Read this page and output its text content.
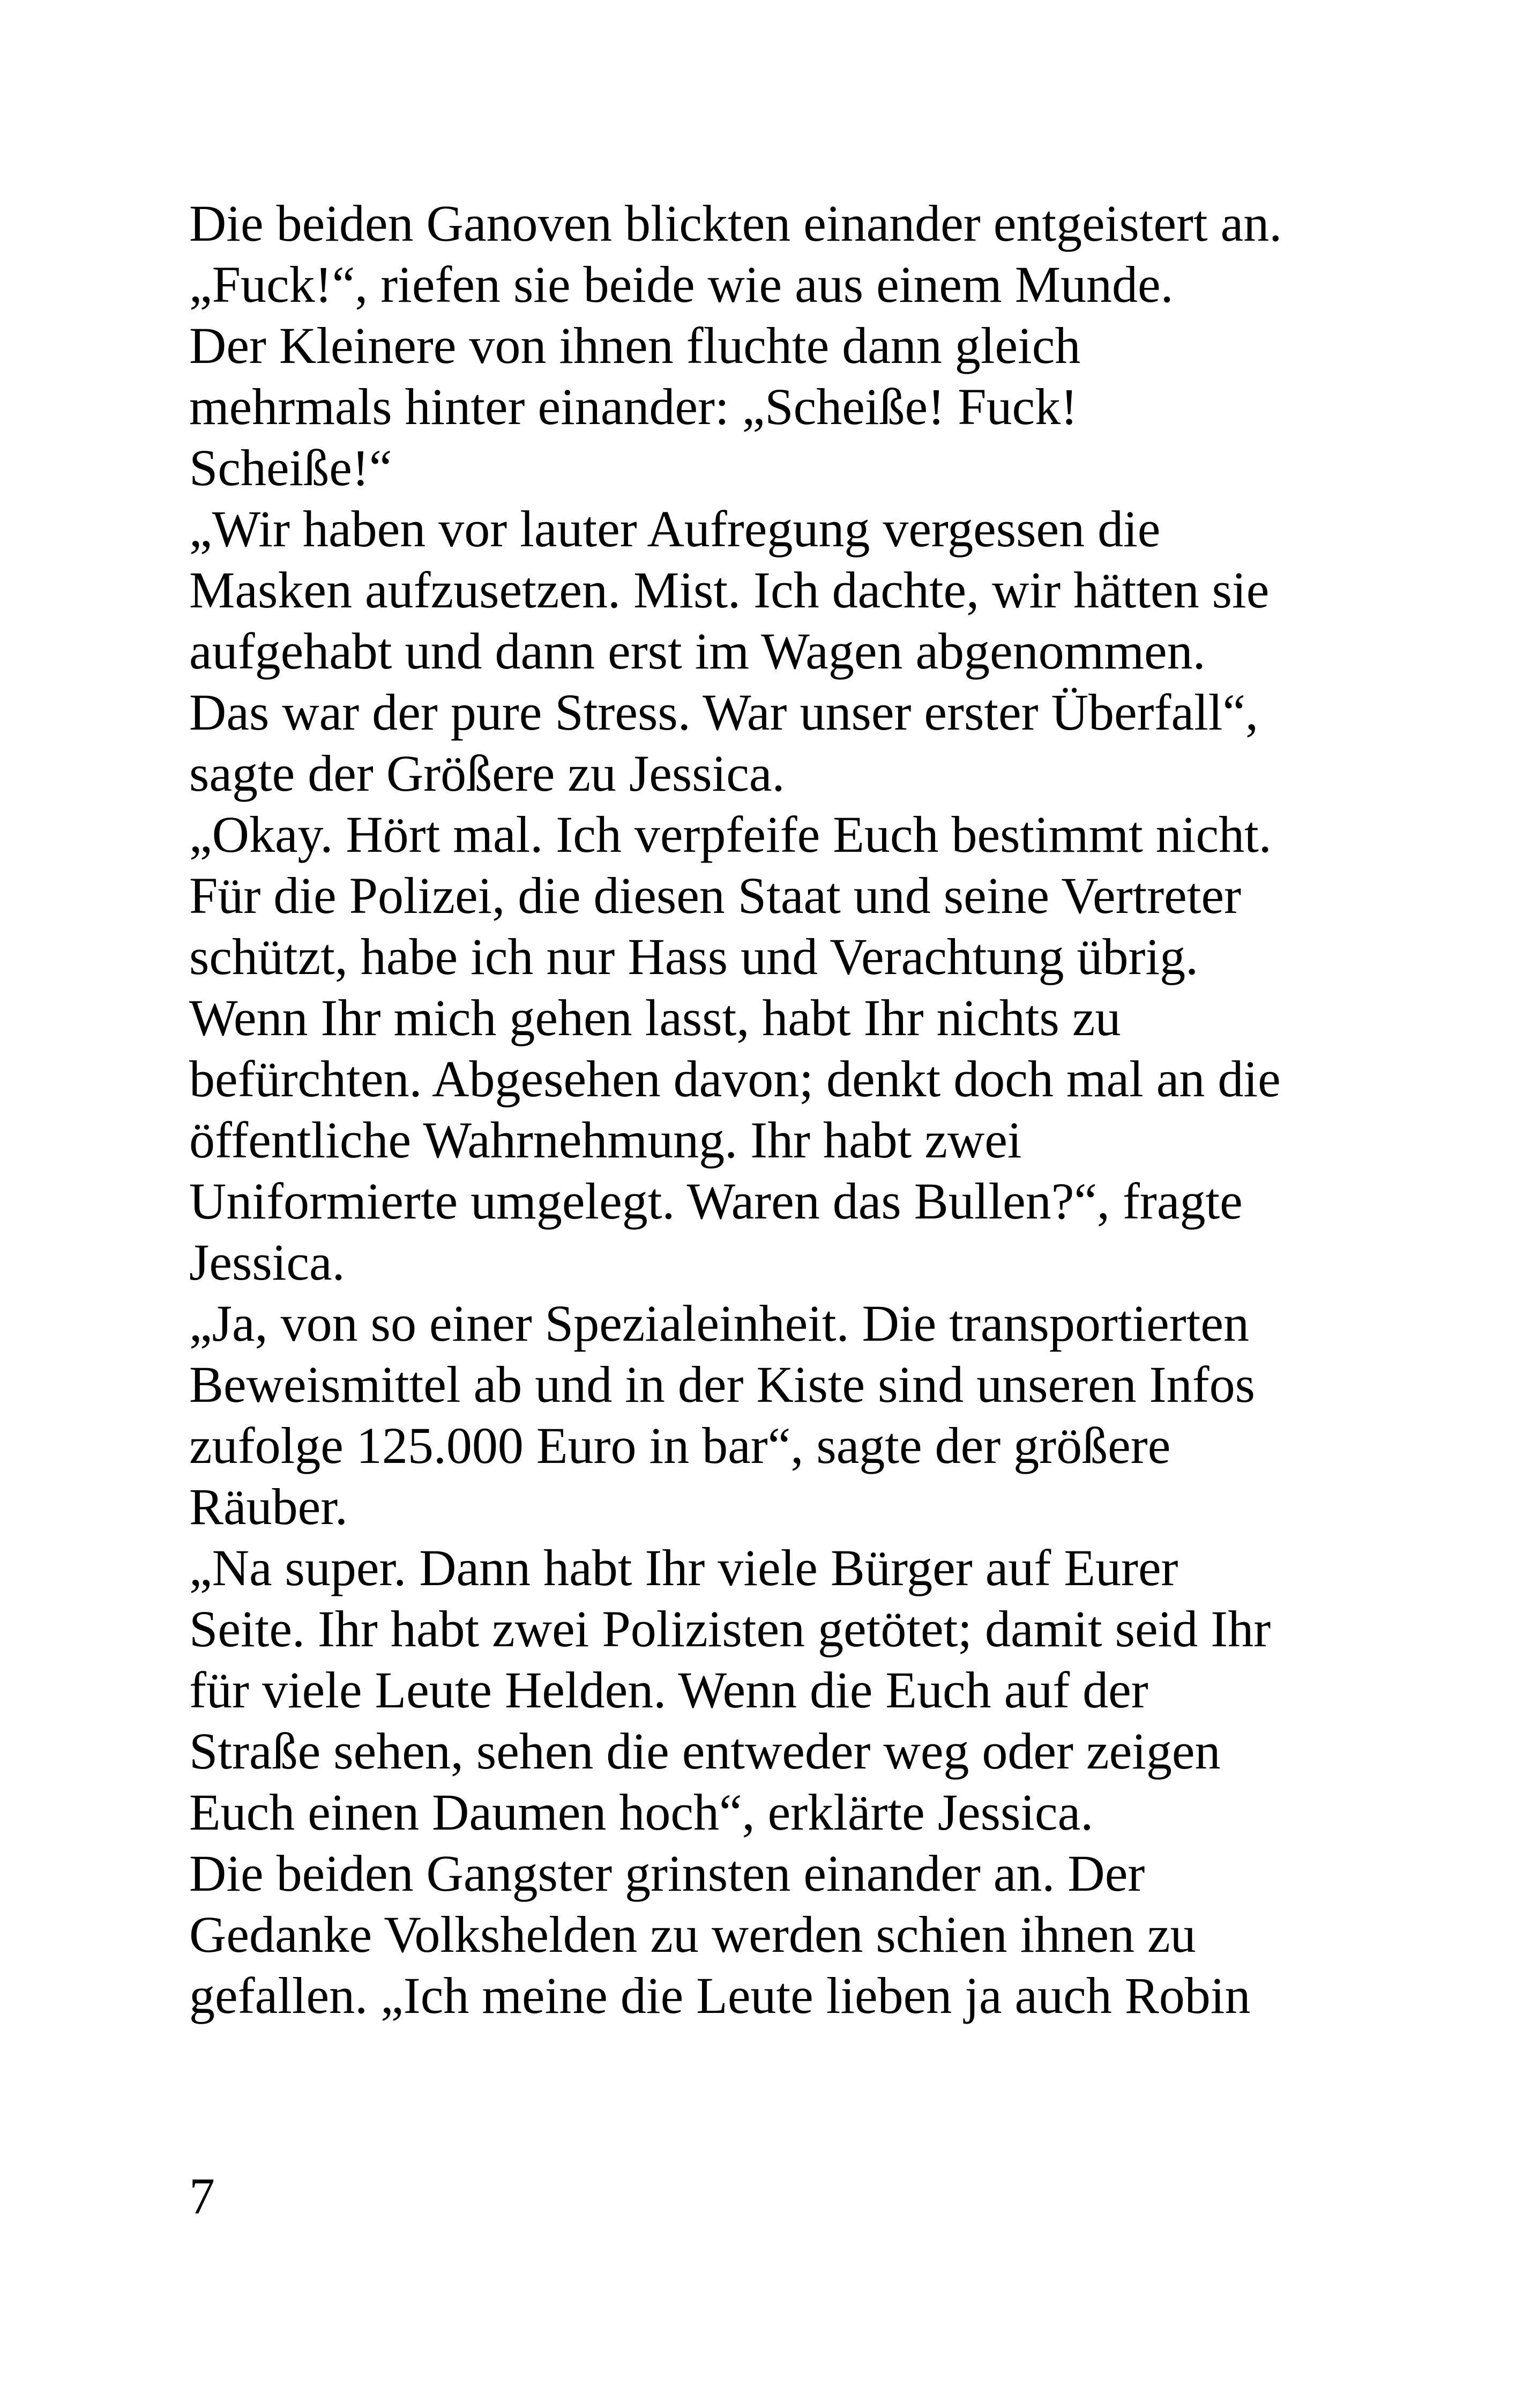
Die beiden Ganoven blickten einander entgeistert an.
„Fuck!“, riefen sie beide wie aus einem Munde.
Der Kleinere von ihnen fluchte dann gleich
mehrmals hinter einander: „Scheiße! Fuck!
Scheiße!“
„Wir haben vor lauter Aufregung vergessen die
Masken aufzusetzen. Mist. Ich dachte, wir hätten sie
aufgehabt und dann erst im Wagen abgenommen.
Das war der pure Stress. War unser erster Überfall“,
sagte der Größere zu Jessica.
„Okay. Hört mal. Ich verpfeife Euch bestimmt nicht.
Für die Polizei, die diesen Staat und seine Vertreter
schützt, habe ich nur Hass und Verachtung übrig.
Wenn Ihr mich gehen lasst, habt Ihr nichts zu
befürchten. Abgesehen davon; denkt doch mal an die
öffentliche Wahrnehmung. Ihr habt zwei
Uniformierte umgelegt. Waren das Bullen?“, fragte
Jessica.
„Ja, von so einer Spezialeinheit. Die transportierten
Beweismittel ab und in der Kiste sind unseren Infos
zufolge 125.000 Euro in bar“, sagte der größere
Räuber.
„Na super. Dann habt Ihr viele Bürger auf Eurer
Seite. Ihr habt zwei Polizisten getötet; damit seid Ihr
für viele Leute Helden. Wenn die Euch auf der
Straße sehen, sehen die entweder weg oder zeigen
Euch einen Daumen hoch“, erklärte Jessica.
Die beiden Gangster grinsten einander an. Der
Gedanke Volkshelden zu werden schien ihnen zu
gefallen. „Ich meine die Leute lieben ja auch Robin
7
